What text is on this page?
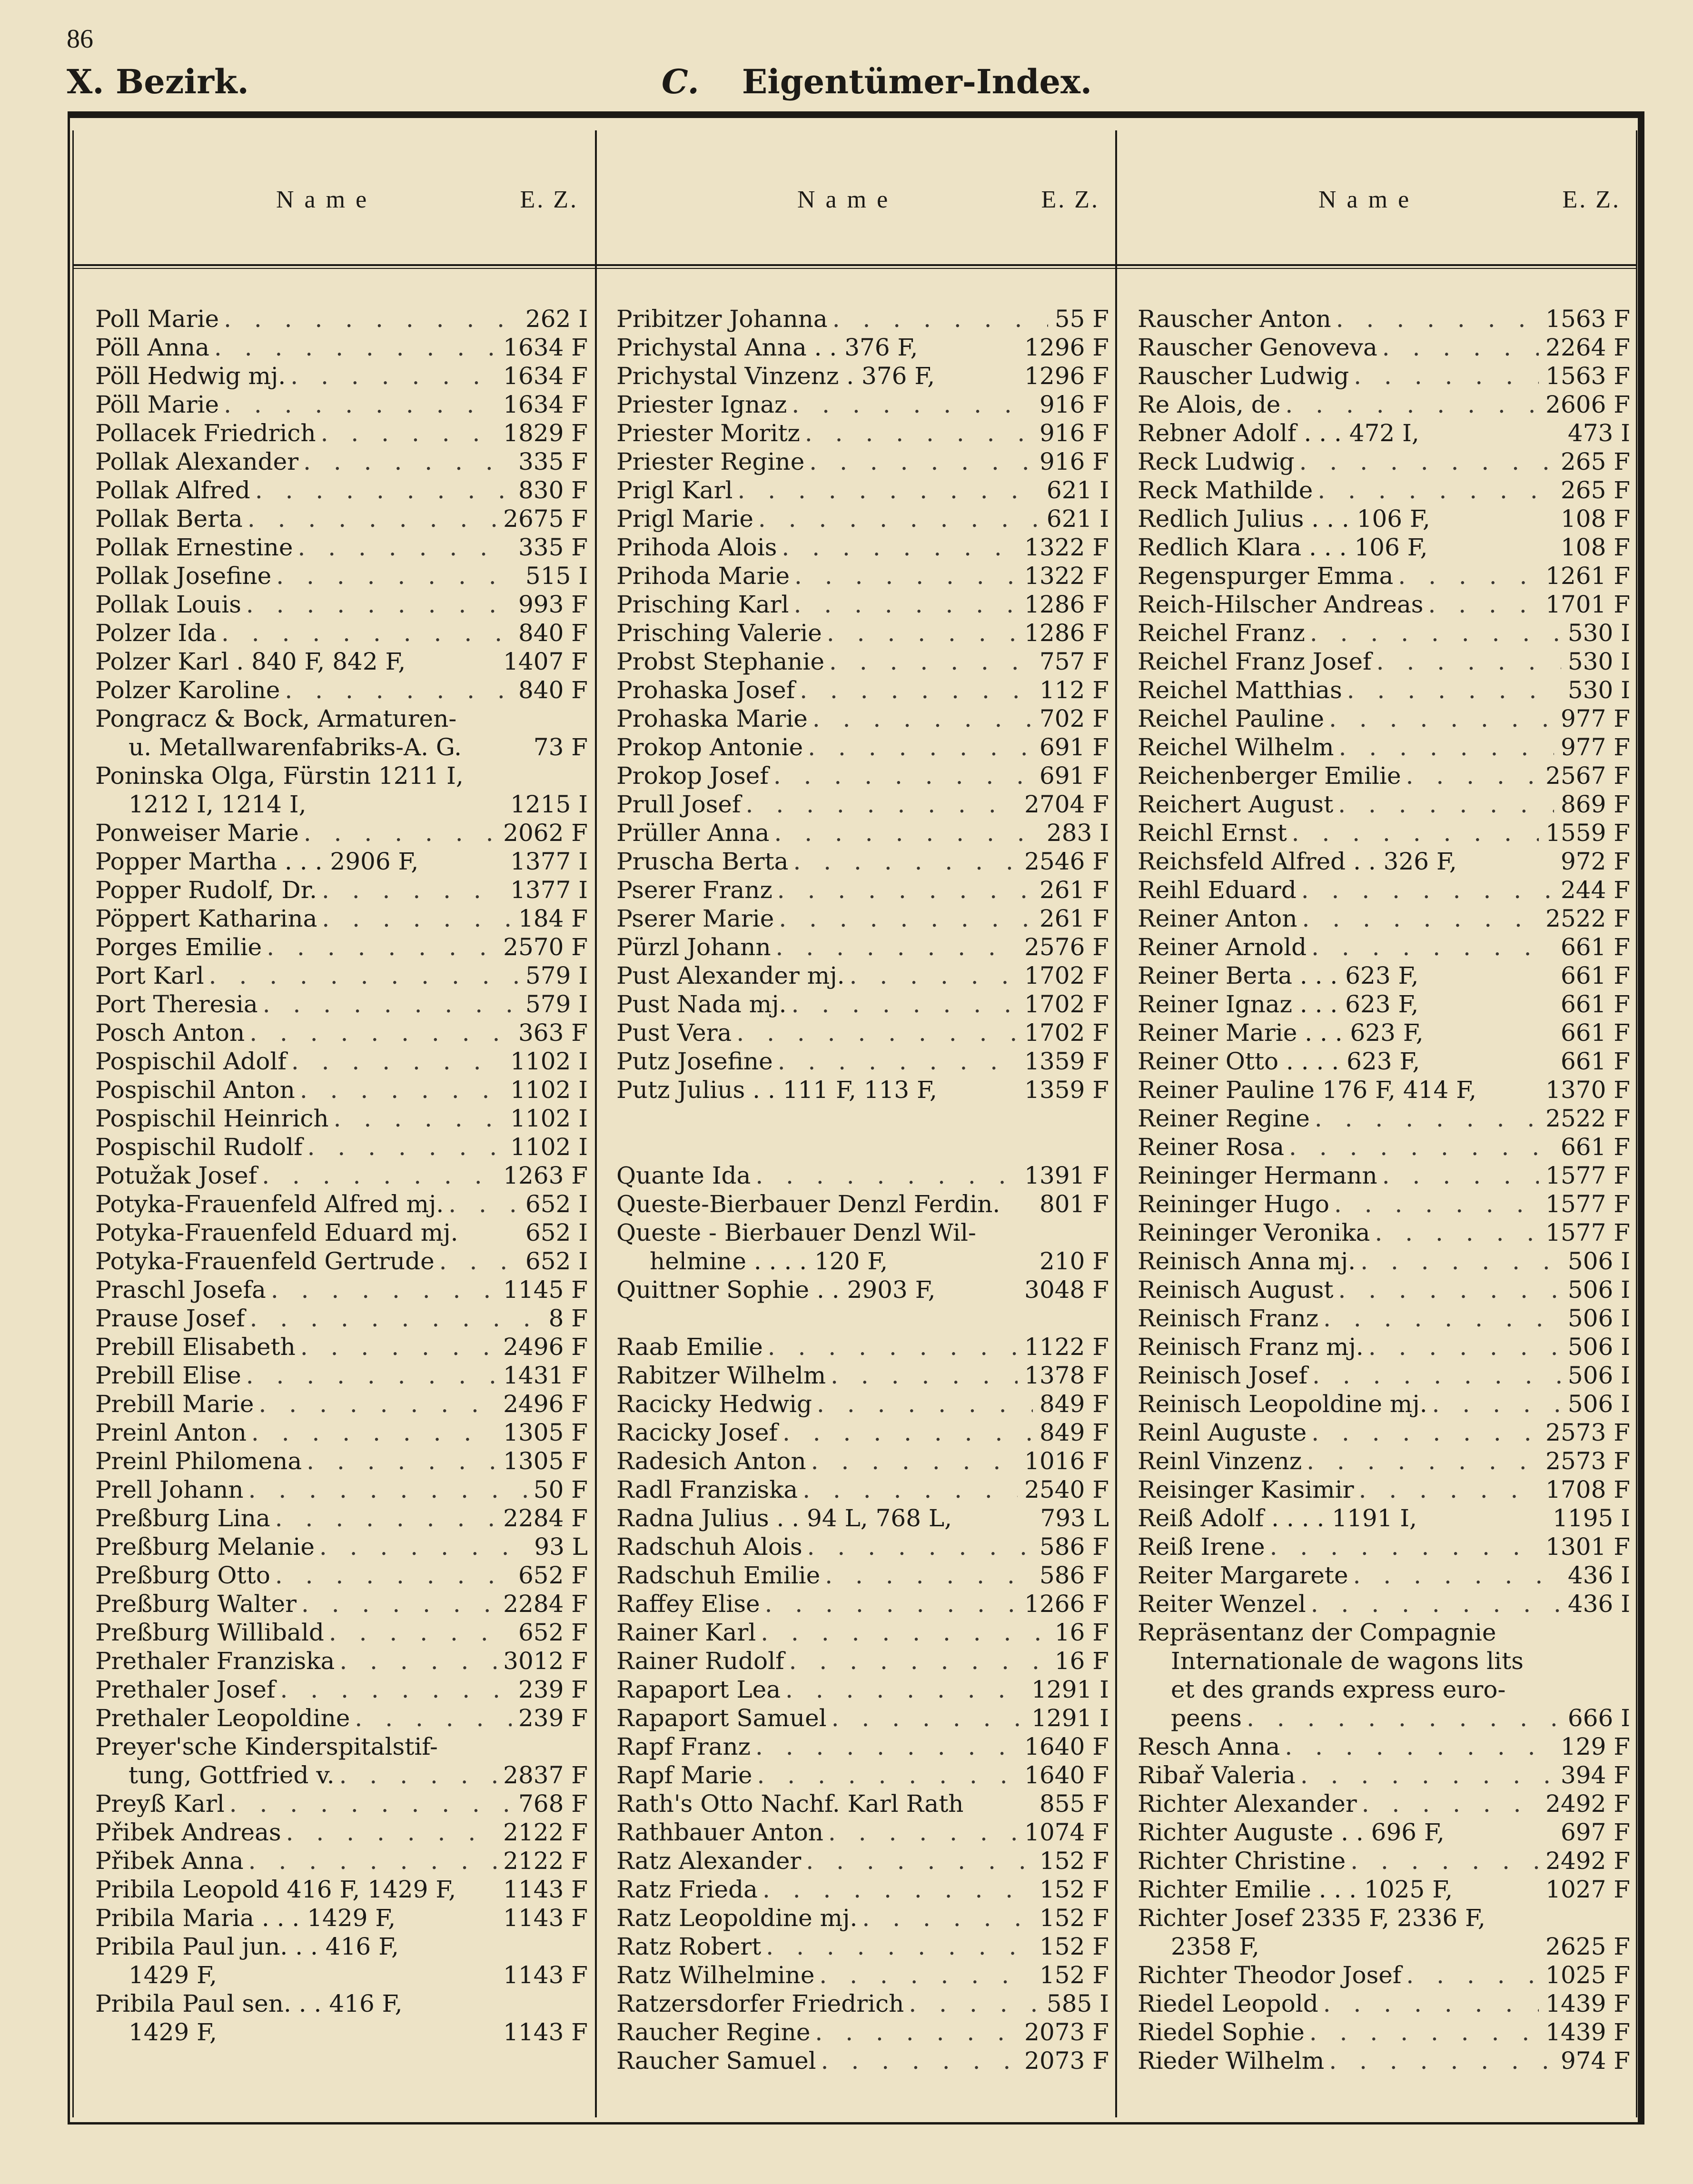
86
X. Bezirk.	C. Eigentümer-Index.
Name	E. Z.	Name	E. Z.	Name	E. Z.
Poll Marie . . .	262 I
Pöll Anna . . .	1634 F
Pöll Hedwig mj. . . .	1634 F
Pöll Marie . . .	1634 F
Pollacek Friedrich . . .	1829 F
Pollak Alexander . . .	335 F
Pollak Alfred . . .	830 F
Pollak Berta . . .	2675 F
Pollak Ernestine . . .	335 F
Pollak Josefine . . .	515 I
Pollak Louis . . .	993 F
Polzer Ida . . .	840 F
Polzer Karl . 840 F, 842 F,	1407 F
Polzer Karoline . . .	840 F
Pongracz & Bock, Armaturen-
u. Metallwarenfabriks-A. G.	73 F
Poninska Olga, Fürstin 1211 I,
1212 I, 1214 I,	1215 I
Ponweiser Marie . . .	2062 F
Popper Martha . . . 2906 F,	1377 I
Popper Rudolf, Dr. . . .	1377 I
Pöppert Katharina . . .	184 F
Porges Emilie . . .	2570 F
Port Karl . . .	579 I
Port Theresia . . .	579 I
Posch Anton . . .	363 F
Pospischil Adolf . . .	1102 I
Pospischil Anton . . .	1102 I
Pospischil Heinrich . . .	1102 I
Pospischil Rudolf . . .	1102 I
Potužak Josef . . .	1263 F
Potyka-Frauenfeld Alfred mj. . . .	652 I
Potyka-Frauenfeld Eduard mj.	652 I
Potyka-Frauenfeld Gertrude . . .	652 I
Praschl Josefa . . .	1145 F
Prause Josef . . .	8 F
Prebill Elisabeth . . .	2496 F
Prebill Elise . . .	1431 F
Prebill Marie . . .	2496 F
Preinl Anton . . .	1305 F
Preinl Philomena . . .	1305 F
Prell Johann . . .	50 F
Preßburg Lina . . .	2284 F
Preßburg Melanie . . .	93 L
Preßburg Otto . . .	652 F
Preßburg Walter . . .	2284 F
Preßburg Willibald . . .	652 F
Prethaler Franziska . . .	3012 F
Prethaler Josef . . .	239 F
Prethaler Leopoldine . . .	239 F
Preyer'sche Kinderspitalstif-
tung, Gottfried v. . . .	2837 F
Preyß Karl . . .	768 F
Přibek Andreas . . .	2122 F
Přibek Anna . . .	2122 F
Pribila Leopold 416 F, 1429 F, 1143 F
Pribila Maria . . . 1429 F,	1143 F
Pribila Paul jun. . . 416 F,
1429 F,	1143 F
Pribila Paul sen. . . 416 F,
1429 F,	1143 F
Pribitzer Johanna . . .	55 F
Prichystal Anna . . 376 F,	1296 F
Prichystal Vinzenz . 376 F,	1296 F
Priester Ignaz . . .	916 F
Priester Moritz . . .	916 F
Priester Regine . . .	916 F
Prigl Karl . . .	621 I
Prigl Marie . . .	621 I
Prihoda Alois . . .	1322 F
Prihoda Marie . . .	1322 F
Prisching Karl . . .	1286 F
Prisching Valerie . . .	1286 F
Probst Stephanie . . .	757 F
Prohaska Josef . . .	112 F
Prohaska Marie . . .	702 F
Prokop Antonie . . .	691 F
Prokop Josef . . .	691 F
Prull Josef . . .	2704 F
Prüller Anna . . .	283 I
Pruscha Berta . . .	2546 F
Pserer Franz . . .	261 F
Pserer Marie . . .	261 F
Pürzl Johann . . .	2576 F
Pust Alexander mj. . . .	1702 F
Pust Nada mj. . . .	1702 F
Pust Vera . . .	1702 F
Putz Josefine . . .	1359 F
Putz Julius . . 111 F, 113 F,	1359 F
Quante Ida . . .	1391 F
Queste-Bierbauer Denzl Ferdin. 801 F
Queste - Bierbauer Denzl Wil-
helmine . . . . 120 F,	210 F
Quittner Sophie . . 2903 F,	3048 F
Raab Emilie . . .	1122 F
Rabitzer Wilhelm . . .	1378 F
Racicky Hedwig . . .	849 F
Racicky Josef . . .	849 F
Radesich Anton . . .	1016 F
Radl Franziska . . .	2540 F
Radna Julius . . 94 L, 768 L,	793 L
Radschuh Alois . . .	586 F
Radschuh Emilie . . .	586 F
Raffey Elise . . .	1266 F
Rainer Karl . . .	16 F
Rainer Rudolf . . .	16 F
Rapaport Lea . . .	1291 I
Rapaport Samuel . . .	1291 I
Rapf Franz . . .	1640 F
Rapf Marie . . .	1640 F
Rath's Otto Nachf. Karl Rath	855 F
Rathbauer Anton . . .	1074 F
Ratz Alexander . . .	152 F
Ratz Frieda . . .	152 F
Ratz Leopoldine mj. . . .	152 F
Ratz Robert . . .	152 F
Ratz Wilhelmine . . .	152 F
Ratzersdorfer Friedrich . . .	585 I
Raucher Regine . . .	2073 F
Raucher Samuel . . .	2073 F
Rauscher Anton . . .	1563 F
Rauscher Genoveva . . .	2264 F
Rauscher Ludwig . . .	1563 F
Re Alois, de . . .	2606 F
Rebner Adolf . . . 472 I,	473 I
Reck Ludwig . . .	265 F
Reck Mathilde . . .	265 F
Redlich Julius . . . 106 F,	108 F
Redlich Klara . . . 106 F,	108 F
Regenspurger Emma . . .	1261 F
Reich-Hilscher Andreas . . .	1701 F
Reichel Franz . . .	530 I
Reichel Franz Josef . . .	530 I
Reichel Matthias . . .	530 I
Reichel Pauline . . .	977 F
Reichel Wilhelm . . .	977 F
Reichenberger Emilie . . .	2567 F
Reichert August . . .	869 F
Reichl Ernst . . .	1559 F
Reichsfeld Alfred . . 326 F,	972 F
Reihl Eduard . . .	244 F
Reiner Anton . . .	2522 F
Reiner Arnold . . .	661 F
Reiner Berta . . . 623 F,	661 F
Reiner Ignaz . . . 623 F,	661 F
Reiner Marie . . . 623 F,	661 F
Reiner Otto . . . . 623 F,	661 F
Reiner Pauline 176 F, 414 F,	1370 F
Reiner Regine . . .	2522 F
Reiner Rosa . . .	661 F
Reininger Hermann . . .	1577 F
Reininger Hugo . . .	1577 F
Reininger Veronika . . .	1577 F
Reinisch Anna mj. . . .	506 I
Reinisch August . . .	506 I
Reinisch Franz . . .	506 I
Reinisch Franz mj. . . .	506 I
Reinisch Josef . . .	506 I
Reinisch Leopoldine mj. . . .	506 I
Reinl Auguste . . .	2573 F
Reinl Vinzenz . . .	2573 F
Reisinger Kasimir . . .	1708 F
Reiß Adolf . . . . 1191 I,	1195 I
Reiß Irene . . .	1301 F
Reiter Margarete . . .	436 I
Reiter Wenzel . . .	436 I
Repräsentanz der Compagnie
Internationale de wagons lits
et des grands express euro-
peens . . .	666 I
Resch Anna . . .	129 F
Ribař Valeria . . .	394 F
Richter Alexander . . .	2492 F
Richter Auguste . . 696 F,	697 F
Richter Christine . . .	2492 F
Richter Emilie . . . 1025 F,	1027 F
Richter Josef 2335 F, 2336 F,
2358 F,	2625 F
Richter Theodor Josef . . .	1025 F
Riedel Leopold . . .	1439 F
Riedel Sophie . . .	1439 F
Rieder Wilhelm . . .	974 F
